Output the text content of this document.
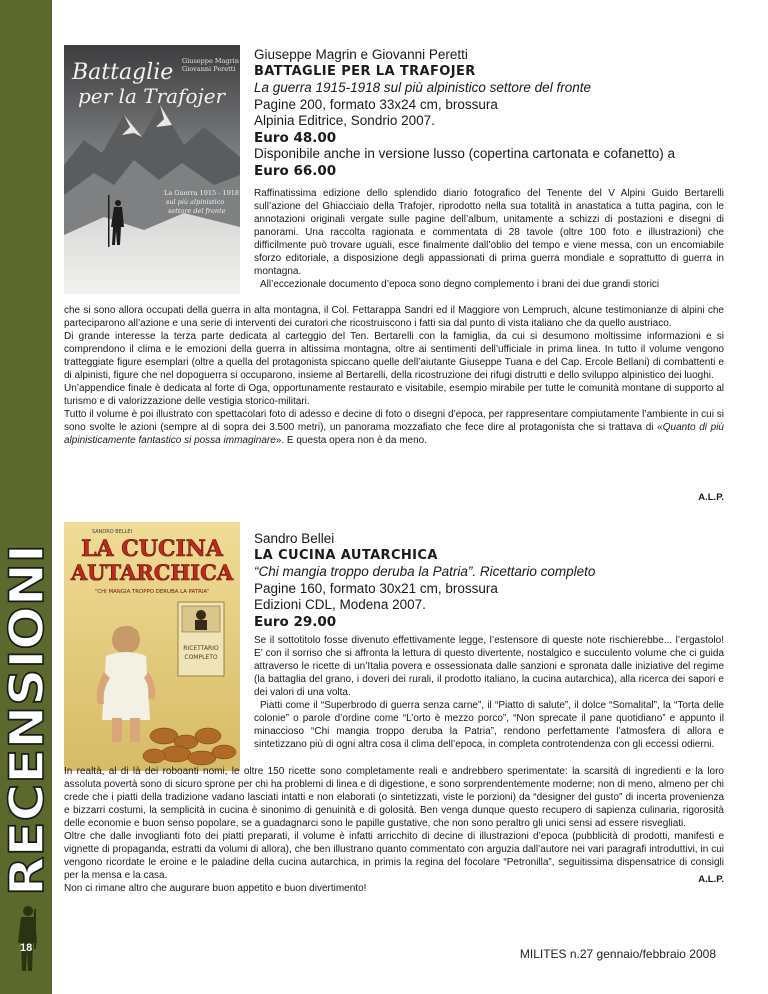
RECENSIONI
18
Giuseppe Magrin
Giovanni Peretti
Battaglie
per la Trafojer
La Guerra 1915 - 1918
sul più alpinistico
settore del fronte
Giuseppe Magrin e Giovanni Peretti
BATTAGLIE PER LA TRAFOJER
La guerra 1915-1918 sul più alpinistico settore del fronte
Pagine 200, formato 33x24 cm, brossura
Alpinia Editrice, Sondrio 2007.
Euro 48.00
Disponibile anche in versione lusso (copertina cartonata e cofanetto) a
Euro 66.00

Raffinatissima edizione dello splendido diario fotografico del Tenente del V Alpini Guido Bertarelli sull’azione del Ghiacciaio della Trafojer, riprodotto nella sua totalità in anastatica a tutta pagina, con le annotazioni originali vergate sulle pagine dell’album, unitamente a schizzi di postazioni e disegni di panorami. Una raccolta ragionata e commentata di 28 tavole (oltre 100 foto e illustrazioni) che difficilmente può trovare uguali, esce finalmente dall’oblio del tempo e viene messa, con un encomiabile sforzo editoriale, a disposizione degli appassionati di prima guerra mondiale e soprattutto di guerra in montagna.

All’eccezionale documento d’epoca sono degno complemento i brani dei due grandi storici

che si sono allora occupati della guerra in alta montagna, il Col. Fettarappa Sandri ed il Maggiore von Lempruch, alcune testimonianze di alpini che parteciparono all’azione e una serie di interventi dei curatori che ricostruiscono i fatti sia dal punto di vista italiano che da quello austriaco.

Di grande interesse la terza parte dedicata al carteggio del Ten. Bertarelli con la famiglia, da cui si desumono moltissime informazioni e si comprendono il clima e le emozioni della guerra in altissima montagna, oltre ai sentimenti dell’ufficiale in prima linea. In tutto il volume vengono tratteggiate figure esemplari (oltre a quella del protagonista spiccano quelle dell’aiutante Giuseppe Tuana e del Cap. Ercole Bellani) di combattenti e di alpinisti, figure che nel dopoguerra si occuparono, insieme al Bertarelli, della ricostruzione dei rifugi distrutti e dello sviluppo alpinistico dei luoghi.

Un’appendice finale è dedicata al forte di Oga, opportunamente restaurato e visitabile, esempio mirabile per tutte le comunità montane di supporto al turismo e di valorizzazione delle vestigia storico-militari.

Tutto il volume è poi illustrato con spettacolari foto di adesso e decine di foto o disegni d’epoca, per rappresentare compiutamente l’ambiente in cui si sono svolte le azioni (sempre al di sopra dei 3.500 metri), un panorama mozzafiato che fece dire al protagonista che si trattava di «Quanto di più alpinisticamente fantastico si possa immaginare». E questa opera non è da meno.

A.L.P.
SANDRO BELLEI
LA CUCINA
AUTARCHICA
“CHI MANGIA TROPPO DERUBA LA PATRIA”
RICETTARIO
COMPLETO
Sandro Bellei
LA CUCINA AUTARCHICA
“Chi mangia troppo deruba la Patria”. Ricettario completo
Pagine 160, formato 30x21 cm, brossura
Edizioni CDL, Modena 2007.
Euro 29.00

Se il sottotitolo fosse divenuto effettivamente legge, l’estensore di queste note rischierebbe... l’ergastolo! E’ con il sorriso che si affronta la lettura di questo divertente, nostalgico e succulento volume che ci guida attraverso le ricette di un’Italia povera e ossessionata dalle sanzioni e spronata dalle iniziative del regime (la battaglia del grano, i doveri dei rurali, il prodotto italiano, la cucina autarchica), alla ricerca dei sapori e dei valori di una volta.

Piatti come il “Superbrodo di guerra senza carne”, il “Piatto di salute”, il dolce “Somalital”, la “Torta delle colonie” o parole d’ordine come “L’orto è mezzo porco”, “Non sprecate il pane quotidiano” e appunto il minaccioso “Chi mangia troppo deruba la Patria”, rendono perfettamente l’atmosfera di allora e sintetizzano più di ogni altra cosa il clima dell’epoca, in completa controtendenza con gli eccessi odierni.

In realtà, al di là dei roboanti nomi, le oltre 150 ricette sono completamente reali e andrebbero sperimentate: la scarsità di ingredienti e la loro assoluta povertà sono di sicuro sprone per chi ha problemi di linea e di digestione, e sono sorprendentemente moderne; non di meno, almeno per chi crede che i piatti della tradizione vadano lasciati intatti e non elaborati (o sintetizzati, viste le porzioni) da “designer del gusto” di incerta provenienza e bizzarri costumi, la semplicità in cucina è sinonimo di genuinità e di golosità. Ben venga dunque questo recupero di sapienza culinaria, rigorosità delle economie e buon senso popolare, se a guadagnarci sono le papille gustative, che non sono peraltro gli unici sensi ad essere risvegliati.

Oltre che dalle invoglianti foto dei piatti preparati, il volume è infatti arricchito di decine di illustrazioni d’epoca (pubblicità di prodotti, manifesti e vignette di propaganda, estratti da volumi di allora), che ben illustrano quanto commentato con arguzia dall’autore nei vari paragrafi introduttivi, in cui vengono ricordate le eroine e le paladine della cucina autarchica, in primis la regina del focolare “Petronilla”, seguitissima dispensatrice di consigli per la mensa e la casa.

Non ci rimane altro che augurare buon appetito e buon divertimento!

A.L.P.
MILITES n.27 gennaio/febbraio 2008
